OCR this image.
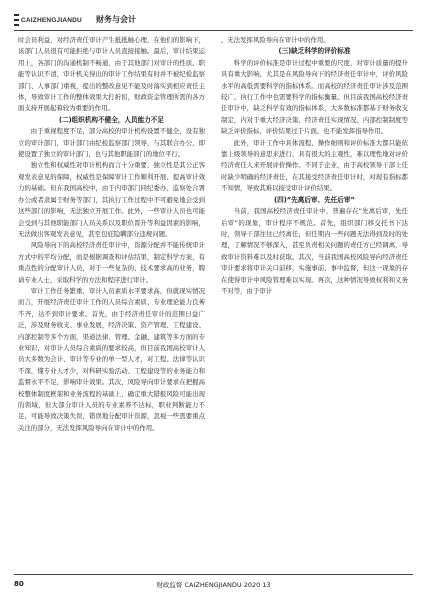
CAIZHENGJIANDU 财务与会计

时会员利益，对经济责任审计产生抵抵触心理，在他们的影响下，该部门人员很有可能拒绝与审计人员直接接触。最后，审计结果运用上，各部门的沟通机制不畅通，由于其他部门对审计的性质、职能等认识不清，审计机关得出的审计工作结果有时并不被纪检监察部门、人事部门重视，提出的整改意见不能及时落实到相应责任主体，导致审计工作的整体效果大打折扣，财政资金管理所需的各方面支持开展起着较为重要的作用。

(二)组织机构不健全，人员能力不足

由于重视程度不足，部分高校的审计机构设置不健全，设有独立的审计部门，审计部门由纪检监察部门领导，与其联合办公，即使设置了独立的审计部门，也与其他职能部门的地位平行。

独立性和权威性对审计机构而言十分重要，独立性是其公正客观发表意见的保障，权威性是保障审计工作顺利开展、提高审计效力的基础。但在我国高校中，由于内审部门同纪委办、监察处合署办公或者隶属于财务等部门，其执行工作过程中不可避免地会受到这些部门的影响，无法独立开展工作。此外，一些审计人员也可能会受到与其他职能部门人员关系以及职位晋升等利益因素的影响，无法做出客观发表意见，甚至包庇隐瞒部分违规问题。

风险导向下的高校经济责任审计中，资源分配并不能传统审计方式中的平均分配，而是根据调查和评估结果，制定科学方案，有重点性的分配审计人员，对于一些复杂的、技术要求高的业务，聘请专业人士，采取科学的方法和程序进行审计。

审计工作任务繁重，审计人员素质水平要求高，但就现实情况而言，开展经济责任审计工作的人员综合素质、专业理论能力良莠不齐，达不到审计要求。首先，由于经济责任审计的范围日益广泛，涉及财务收支、事业发展，经济决策、资产管理、工程建设、内部控制等多个方面，渠道法律、管理、金融、建筑等多方面的专业知识，对审计人员综合素质的要求较高，但目前我国高校审计人员大多数为会计、审计等专业的单一型人才，对工程、法律等认识不深，懂专业人才少，对科研实验活动、工程建设等的业务能力和监督水平不足，影响审计效果。其次，风险导向审计要求在把握高校整体制度框架和业务流程的基础上，确定重大错报风险可能出现的领域，但大部分审计人员的专业素养不达标，职业判断能力不足，可能导致决策失误，错误地分配审计资源，忽视一些需要重点关注的部分，无法发挥风险导向在审计中的作用。

，无法发挥风险导向在审计中的作用。

(三)缺乏科学的评价标准

科学的评价标准是审计过程中重要的尺度，对审计质量的提升具有重大影响，尤其是在风险导向下的经济责任审计中，评价风险水平的高低需要科学的指标体系。而高校的经济责任审计涉及范围较广，执行工作中也需要科学的指标衡量。但目前我国高校经济责任审计中，缺乏科学有效的指标体系，大多数标准都基于财务收支制定，内对于重大经济决策、经济责任实现情况、内部控制制度等缺乏评价指标，评价结果过于片面，也不能发挥指导作用。

此外，审计工作中具体流程、操作细则和评价标准大都只能依靠上级领导的意思来进行，具有很大的主观性，难以理性地对评价经济责任人来开展评价操作。不同于企业，由于高校领导干部上任时缺少明确的经济责任，在其接受经济责任审计时，对现有指标都不知情，导致其难以接受审计评价结果。

(四)“先离后审、先任后审”

当前，我国高校经济责任审计中，普遍存在“先离后审，先任后审”的现象，审计程序不规范。首先，组织部门移交托书下达时，领导干部往往已经离任，但任期内一些问题无法得到及时的处理，了解情况不够深入，甚至负责相关问题的责任方已经调离，导致审计资料难以及时获取。其次，当前我国高校风险导向经济责任审计要求将审计关口前移，实施事前、事中监督，但这一现象的存在使得审计中风险管理难以实现。再次，这种情况导致权利和义务不对等，由于审计

80	财政监督 CAIZHENGJIANDU 2020 13
